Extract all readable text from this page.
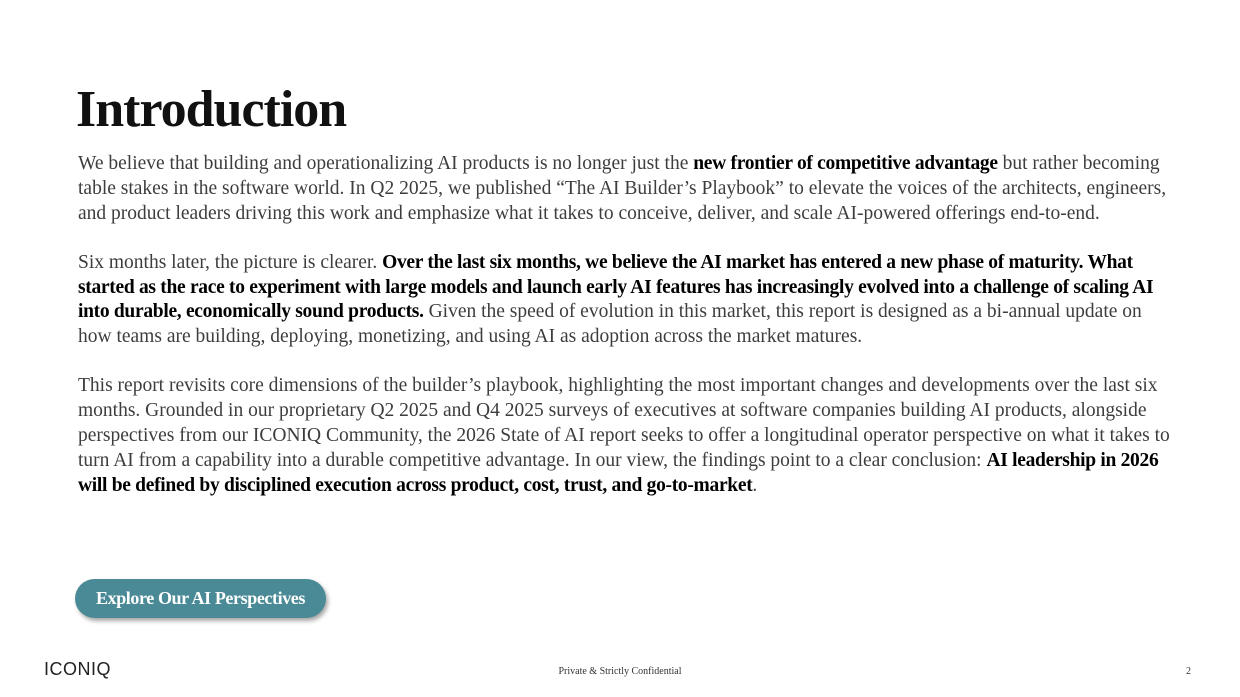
Introduction

We believe that building and operationalizing AI products is no longer just the new frontier of competitive advantage but rather becoming table stakes in the software world. In Q2 2025, we published “The AI Builder’s Playbook” to elevate the voices of the architects, engineers, and product leaders driving this work and emphasize what it takes to conceive, deliver, and scale AI-powered offerings end-to-end.

Six months later, the picture is clearer. Over the last six months, we believe the AI market has entered a new phase of maturity. What started as the race to experiment with large models and launch early AI features has increasingly evolved into a challenge of scaling AI into durable, economically sound products. Given the speed of evolution in this market, this report is designed as a bi-annual update on how teams are building, deploying, monetizing, and using AI as adoption across the market matures.

This report revisits core dimensions of the builder’s playbook, highlighting the most important changes and developments over the last six months. Grounded in our proprietary Q2 2025 and Q4 2025 surveys of executives at software companies building AI products, alongside perspectives from our ICONIQ Community, the 2026 State of AI report seeks to offer a longitudinal operator perspective on what it takes to turn AI from a capability into a durable competitive advantage. In our view, the findings point to a clear conclusion: AI leadership in 2026 will be defined by disciplined execution across product, cost, trust, and go-to-market.

Explore Our AI Perspectives
ICONIQ	Private & Strictly Confidential	2
